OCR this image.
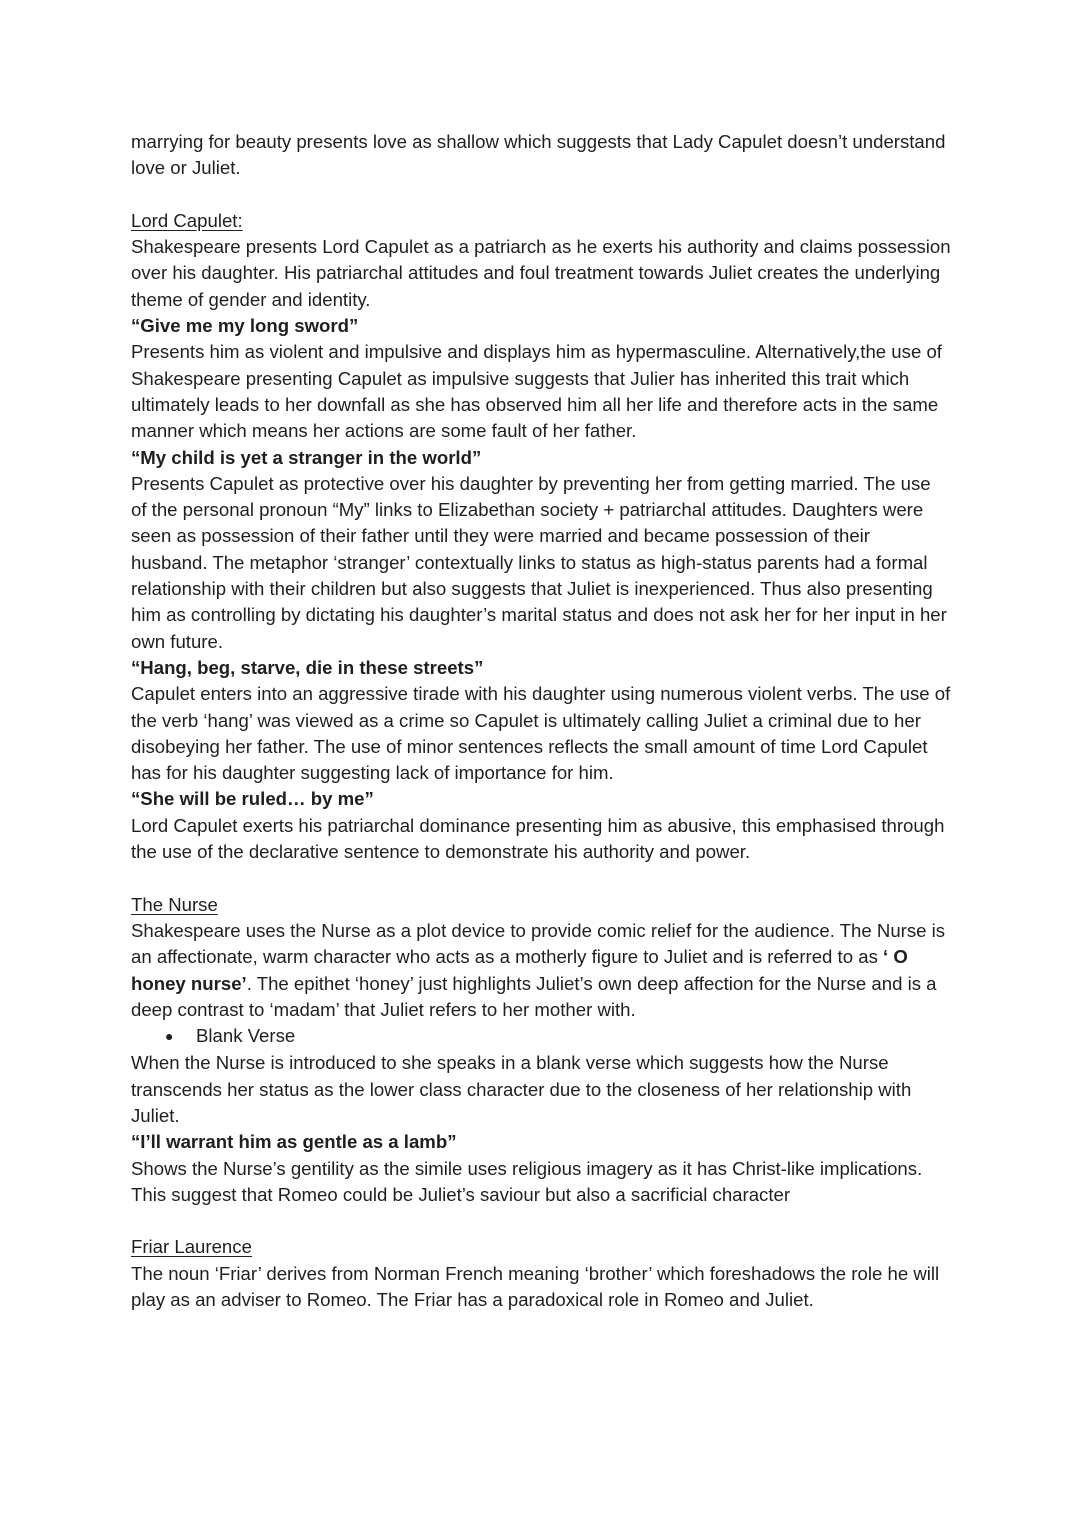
marrying for beauty presents love as shallow which suggests that Lady Capulet doesn’t understand love or Juliet.

Lord Capulet:

Shakespeare presents Lord Capulet as a patriarch as he exerts his authority and claims possession over his daughter. His patriarchal attitudes and foul treatment towards Juliet creates the underlying theme of gender and identity.

“Give me my long sword”

Presents him as violent and impulsive and displays him as hypermasculine. Alternatively,the use of Shakespeare presenting Capulet as impulsive suggests that Julier has inherited this trait which ultimately leads to her downfall as she has observed him all her life and therefore acts in the same manner which means her actions are some fault of her father.

“My child is yet a stranger in the world”

Presents Capulet as protective over his daughter by preventing her from getting married. The use of the personal pronoun “My” links to Elizabethan society + patriarchal attitudes. Daughters were seen as possession of their father until they were married and became possession of their husband. The metaphor ‘stranger’ contextually links to status as high-status parents had a formal relationship with their children but also suggests that Juliet is inexperienced. Thus also presenting him as controlling by dictating his daughter’s marital status and does not ask her for her input in her own future.

“Hang, beg, starve, die in these streets”

Capulet enters into an aggressive tirade with his daughter using numerous violent verbs. The use of the verb ‘hang’ was viewed as a crime so Capulet is ultimately calling Juliet a criminal due to her disobeying her father. The use of minor sentences reflects the small amount of time Lord Capulet has for his daughter suggesting lack of importance for him.

“She will be ruled… by me”

Lord Capulet exerts his patriarchal dominance presenting him as abusive, this emphasised through the use of the declarative sentence to demonstrate his authority and power.

The Nurse

Shakespeare uses the Nurse as a plot device to provide comic relief for the audience. The Nurse is an affectionate, warm character who acts as a motherly figure to Juliet and is referred to as ‘ O honey nurse’. The epithet ‘honey’ just highlights Juliet’s own deep affection for the Nurse and is a deep contrast to ‘madam’ that Juliet refers to her mother with.

●	Blank Verse

When the Nurse is introduced to she speaks in a blank verse which suggests how the Nurse transcends her status as the lower class character due to the closeness of her relationship with Juliet.

“I’ll warrant him as gentle as a lamb”

Shows the Nurse’s gentility as the simile uses religious imagery as it has Christ-like implications. This suggest that Romeo could be Juliet’s saviour but also a sacrificial character

Friar Laurence

The noun ‘Friar’ derives from Norman French meaning ‘brother’ which foreshadows the role he will play as an adviser to Romeo. The Friar has a paradoxical role in Romeo and Juliet.
